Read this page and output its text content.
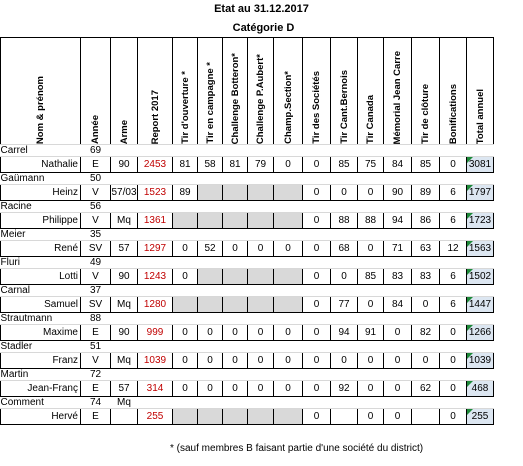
Etat au 31.12.2017
Catégorie D
Nom & prénom	Année	Arme	Report 2017	Tir d'ouverture *	Tir en campagne *	Challenge Botteron*	Challenge P.Aubert*	Champ.Section*	Tir des Sociétés	Tir Cant.Bernois	Tir Canada	Mémorial Jean Carre	Tir de clôture	Bonifications	Total annuel

Carrel	69														
Nathalie	E	90	2453	81	58	81	79	0	0	85	75	84	85	0	3081
Gaümann	50														
Heinz	V	57/03	1523	89					0	0	0	90	89	6	1797
Racine	56														
Philippe	V	Mq	1361						0	88	88	94	86	6	1723
Meier	35														
René	SV	57	1297	0	52	0	0	0	0	68	0	71	63	12	1563
Fluri	49														
Lotti	V	90	1243	0					0	0	85	83	83	6	1502
Carnal	37														
Samuel	SV	Mq	1280						0	77	0	84	0	6	1447
Strautmann	88														
Maxime	E	90	999	0	0	0	0	0	0	94	91	0	82	0	1266
Stadler	51														
Franz	V	Mq	1039	0	0	0	0	0	0	0	0	0	0	0	1039
Martin	72														
Jean-Franç	E	57	314	0	0	0	0	0	0	92	0	0	62	0	468
Comment	74	Mq													
Hervé	E		255						0		0	0		0	255
* (sauf membres B faisant partie d'une société du district)
